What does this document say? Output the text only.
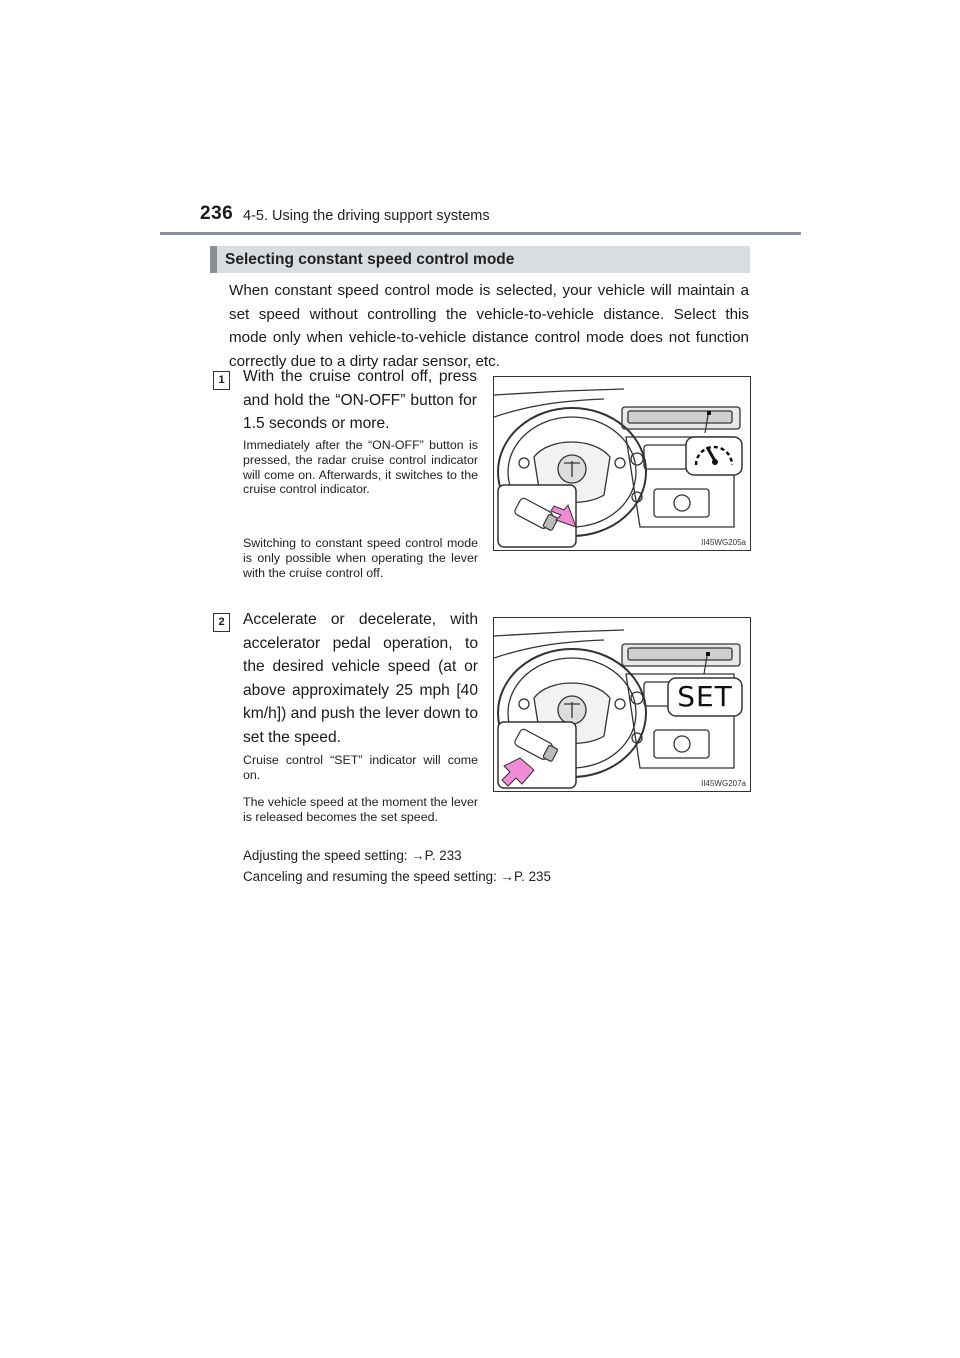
236 4-5. Using the driving support systems
Selecting constant speed control mode
When constant speed control mode is selected, your vehicle will maintain a set speed without controlling the vehicle-to-vehicle distance. Select this mode only when vehicle-to-vehicle distance control mode does not function correctly due to a dirty radar sensor, etc.
1	With the cruise control off, press and hold the “ON-OFF” button for 1.5 seconds or more.
Immediately after the “ON-OFF” button is pressed, the radar cruise control indicator will come on. Afterwards, it switches to the cruise control indicator.
Switching to constant speed control mode is only possible when operating the lever with the cruise control off.
II45WG205a
2	Accelerate or decelerate, with accelerator pedal operation, to the desired vehicle speed (at or above approximately 25 mph [40 km/h]) and push the lever down to set the speed.
Cruise control “SET” indicator will come on.
The vehicle speed at the moment the lever is released becomes the set speed.
SET
II45WG207a
Adjusting the speed setting: →P. 233
Canceling and resuming the speed setting: →P. 235
